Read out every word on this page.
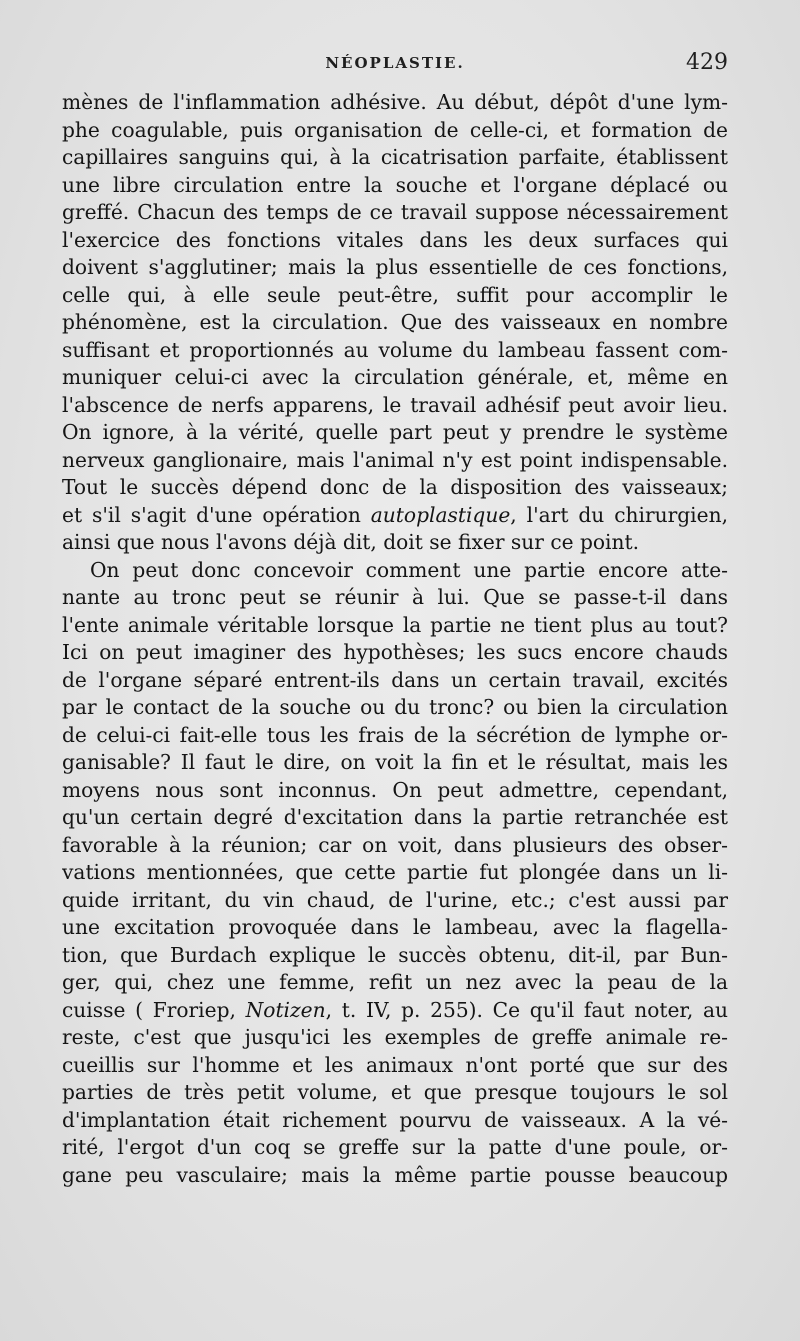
NÉOPLASTIE.	429
mènes de l'inflammation adhésive. Au début, dépôt d'une lym-
phe coagulable, puis organisation de celle-ci, et formation de
capillaires sanguins qui, à la cicatrisation parfaite, établissent
une libre circulation entre la souche et l'organe déplacé ou
greffé. Chacun des temps de ce travail suppose nécessairement
l'exercice des fonctions vitales dans les deux surfaces qui
doivent s'agglutiner; mais la plus essentielle de ces fonctions,
celle qui, à elle seule peut-être, suffit pour accomplir le
phénomène, est la circulation. Que des vaisseaux en nombre
suffisant et proportionnés au volume du lambeau fassent com-
muniquer celui-ci avec la circulation générale, et, même en
l'abscence de nerfs apparens, le travail adhésif peut avoir lieu.
On ignore, à la vérité, quelle part peut y prendre le système
nerveux ganglionaire, mais l'animal n'y est point indispensable.
Tout le succès dépend donc de la disposition des vaisseaux;
et s'il s'agit d'une opération autoplastique, l'art du chirurgien,
ainsi que nous l'avons déjà dit, doit se fixer sur ce point.
On peut donc concevoir comment une partie encore atte-
nante au tronc peut se réunir à lui. Que se passe-t-il dans
l'ente animale véritable lorsque la partie ne tient plus au tout?
Ici on peut imaginer des hypothèses; les sucs encore chauds
de l'organe séparé entrent-ils dans un certain travail, excités
par le contact de la souche ou du tronc? ou bien la circulation
de celui-ci fait-elle tous les frais de la sécrétion de lymphe or-
ganisable? Il faut le dire, on voit la fin et le résultat, mais les
moyens nous sont inconnus. On peut admettre, cependant,
qu'un certain degré d'excitation dans la partie retranchée est
favorable à la réunion; car on voit, dans plusieurs des obser-
vations mentionnées, que cette partie fut plongée dans un li-
quide irritant, du vin chaud, de l'urine, etc.; c'est aussi par
une excitation provoquée dans le lambeau, avec la flagella-
tion, que Burdach explique le succès obtenu, dit-il, par Bun-
ger, qui, chez une femme, refit un nez avec la peau de la
cuisse ( Froriep, Notizen, t. IV, p. 255). Ce qu'il faut noter, au
reste, c'est que jusqu'ici les exemples de greffe animale re-
cueillis sur l'homme et les animaux n'ont porté que sur des
parties de très petit volume, et que presque toujours le sol
d'implantation était richement pourvu de vaisseaux. A la vé-
rité, l'ergot d'un coq se greffe sur la patte d'une poule, or-
gane peu vasculaire; mais la même partie pousse beaucoup
